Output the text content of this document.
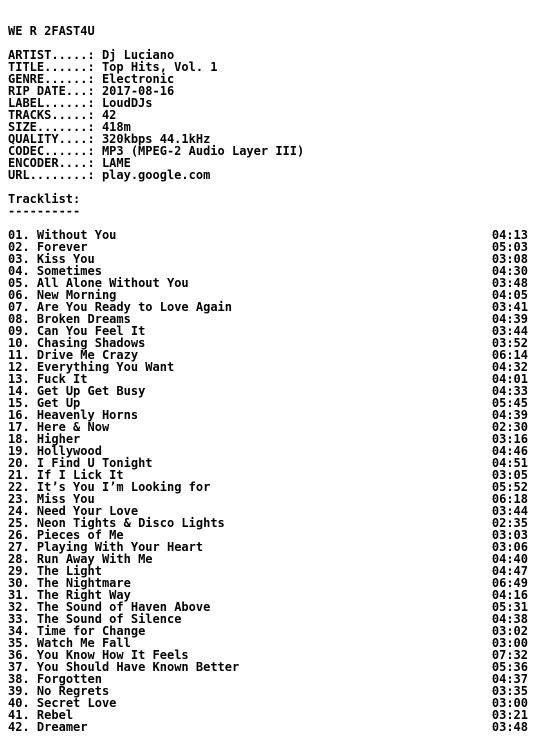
WE R 2FAST4U
ARTIST.....: Dj Luciano
TITLE......: Top Hits, Vol. 1
GENRE......: Electronic
RIP DATE...: 2017-08-16
LABEL......: LoudDJs
TRACKS.....: 42
SIZE.......: 418m
QUALITY....: 320kbps 44.1kHz
CODEC......: MP3 (MPEG-2 Audio Layer III)
ENCODER....: LAME
URL........: play.google.com
Tracklist:
----------
01. Without You	04:13
02. Forever	05:03
03. Kiss You	03:08
04. Sometimes	04:30
05. All Alone Without You	03:48
06. New Morning	04:05
07. Are You Ready to Love Again	03:41
08. Broken Dreams	04:39
09. Can You Feel It	03:44
10. Chasing Shadows	03:52
11. Drive Me Crazy	06:14
12. Everything You Want	04:32
13. Fuck It	04:01
14. Get Up Get Busy	04:33
15. Get Up	05:45
16. Heavenly Horns	04:39
17. Here & Now	02:30
18. Higher	03:16
19. Hollywood	04:46
20. I Find U Tonight	04:51
21. If I Lick It	03:05
22. It’s You I’m Looking for	05:52
23. Miss You	06:18
24. Need Your Love	03:44
25. Neon Tights & Disco Lights	02:35
26. Pieces of Me	03:03
27. Playing With Your Heart	03:06
28. Run Away With Me	04:40
29. The Light	04:47
30. The Nightmare	06:49
31. The Right Way	04:16
32. The Sound of Haven Above	05:31
33. The Sound of Silence	04:38
34. Time for Change	03:02
35. Watch Me Fall	03:00
36. You Know How It Feels	07:32
37. You Should Have Known Better	05:36
38. Forgotten	04:37
39. No Regrets	03:35
40. Secret Love	03:00
41. Rebel	03:21
42. Dreamer	03:48
